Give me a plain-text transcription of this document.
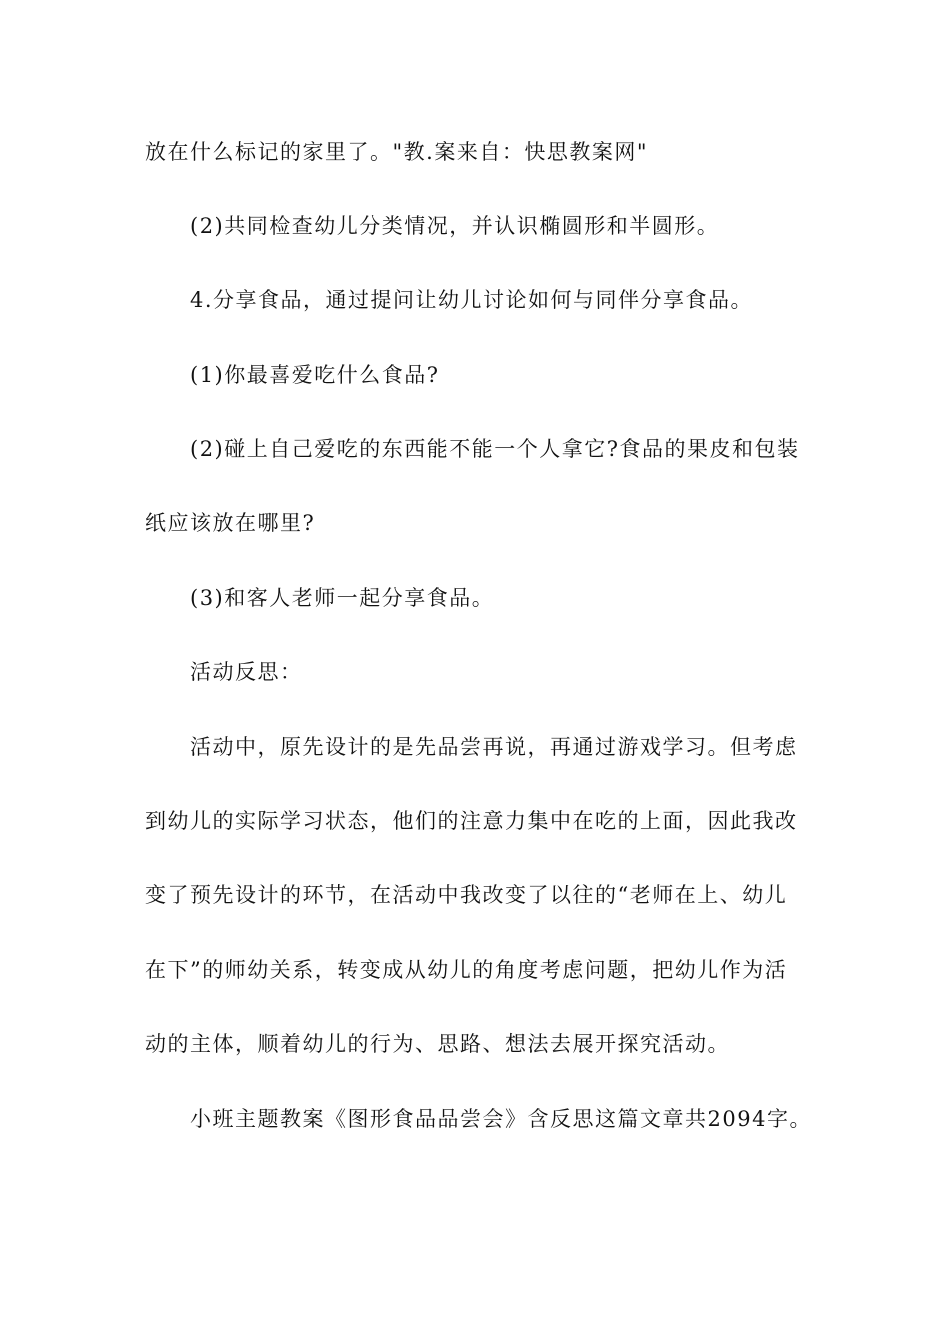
放在什么标记的家里了。"教.案来自：快思教案网"
(2)共同检查幼儿分类情况，并认识椭圆形和半圆形。
4.分享食品，通过提问让幼儿讨论如何与同伴分享食品。
(1)你最喜爱吃什么食品?
(2)碰上自己爱吃的东西能不能一个人拿它?食品的果皮和包装
纸应该放在哪里?
(3)和客人老师一起分享食品。
活动反思：
活动中，原先设计的是先品尝再说，再通过游戏学习。但考虑
到幼儿的实际学习状态，他们的注意力集中在吃的上面，因此我改
变了预先设计的环节，在活动中我改变了以往的“老师在上、幼儿
在下”的师幼关系，转变成从幼儿的角度考虑问题，把幼儿作为活
动的主体，顺着幼儿的行为、思路、想法去展开探究活动。
小班主题教案《图形食品品尝会》含反思这篇文章共2094字。
